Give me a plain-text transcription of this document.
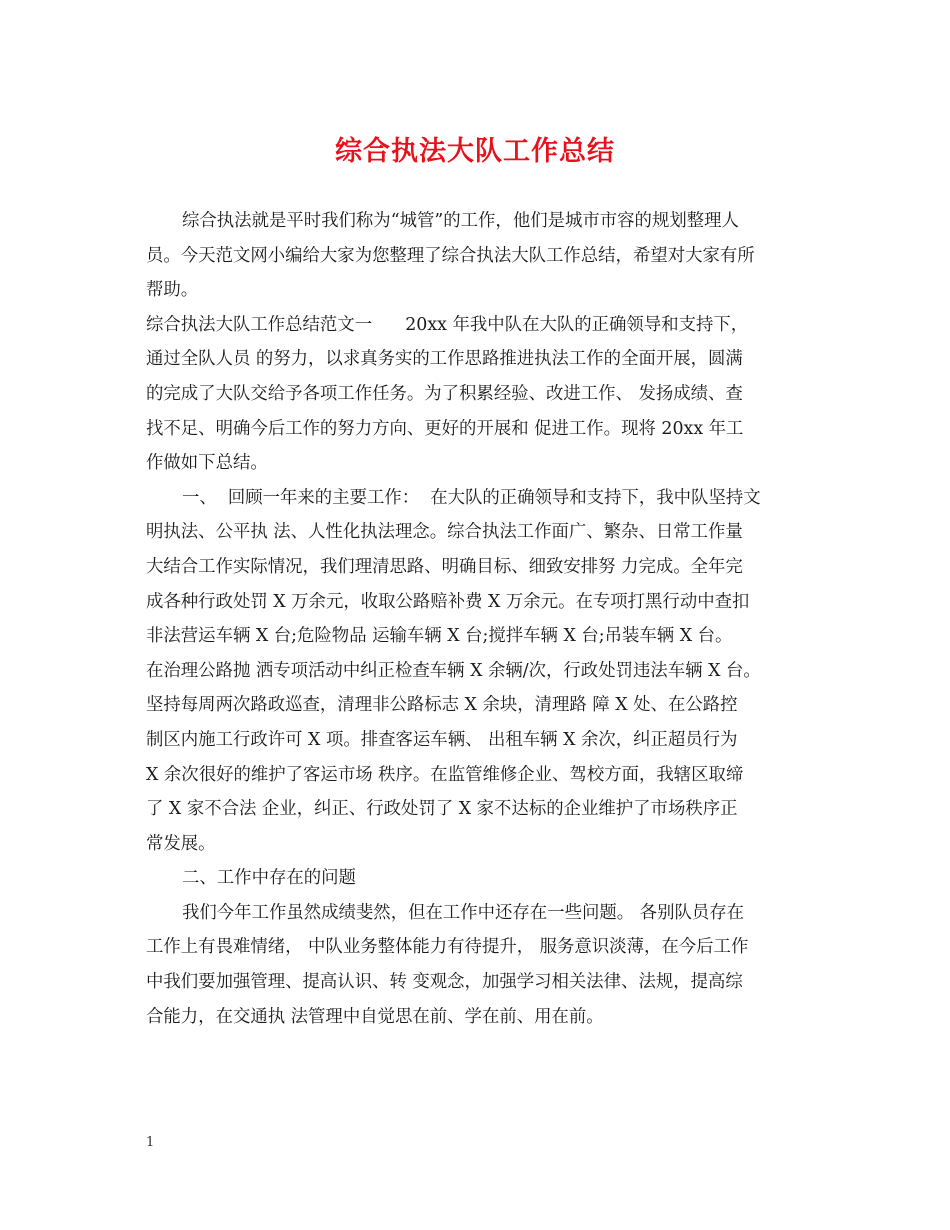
综合执法大队工作总结
综合执法就是平时我们称为“城管”的工作，他们是城市市容的规划整理人
员。今天范文网小编给大家为您整理了综合执法大队工作总结，希望对大家有所
帮助。
综合执法大队工作总结范文一      20xx 年我中队在大队的正确领导和支持下，
通过全队人员 的努力，以求真务实的工作思路推进执法工作的全面开展，圆满
的完成了大队交给予各项工作任务。为了积累经验、改进工作、 发扬成绩、查
找不足、明确今后工作的努力方向、更好的开展和 促进工作。现将 20xx 年工
作做如下总结。
一、  回顾一年来的主要工作：  在大队的正确领导和支持下，我中队坚持文
明执法、公平执 法、人性化执法理念。综合执法工作面广、繁杂、日常工作量
大结合工作实际情况，我们理清思路、明确目标、细致安排努 力完成。全年完
成各种行政处罚 X 万余元，收取公路赔补费 X 万余元。在专项打黑行动中查扣
非法营运车辆 X 台;危险物品 运输车辆 X 台;搅拌车辆 X 台;吊装车辆 X 台。
在治理公路抛 洒专项活动中纠正检查车辆 X 余辆/次，行政处罚违法车辆 X 台。
坚持每周两次路政巡查，清理非公路标志 X 余块，清理路 障 X 处、在公路控
制区内施工行政许可 X 项。排查客运车辆、 出租车辆 X 余次，纠正超员行为
X 余次很好的维护了客运市场 秩序。在监管维修企业、驾校方面，我辖区取缔
了 X 家不合法 企业，纠正、行政处罚了 X 家不达标的企业维护了市场秩序正
常发展。
二、工作中存在的问题
我们今年工作虽然成绩斐然，但在工作中还存在一些问题。 各别队员存在
工作上有畏难情绪， 中队业务整体能力有待提升， 服务意识淡薄，在今后工作
中我们要加强管理、提高认识、转 变观念，加强学习相关法律、法规，提高综
合能力，在交通执 法管理中自觉思在前、学在前、用在前。
1
